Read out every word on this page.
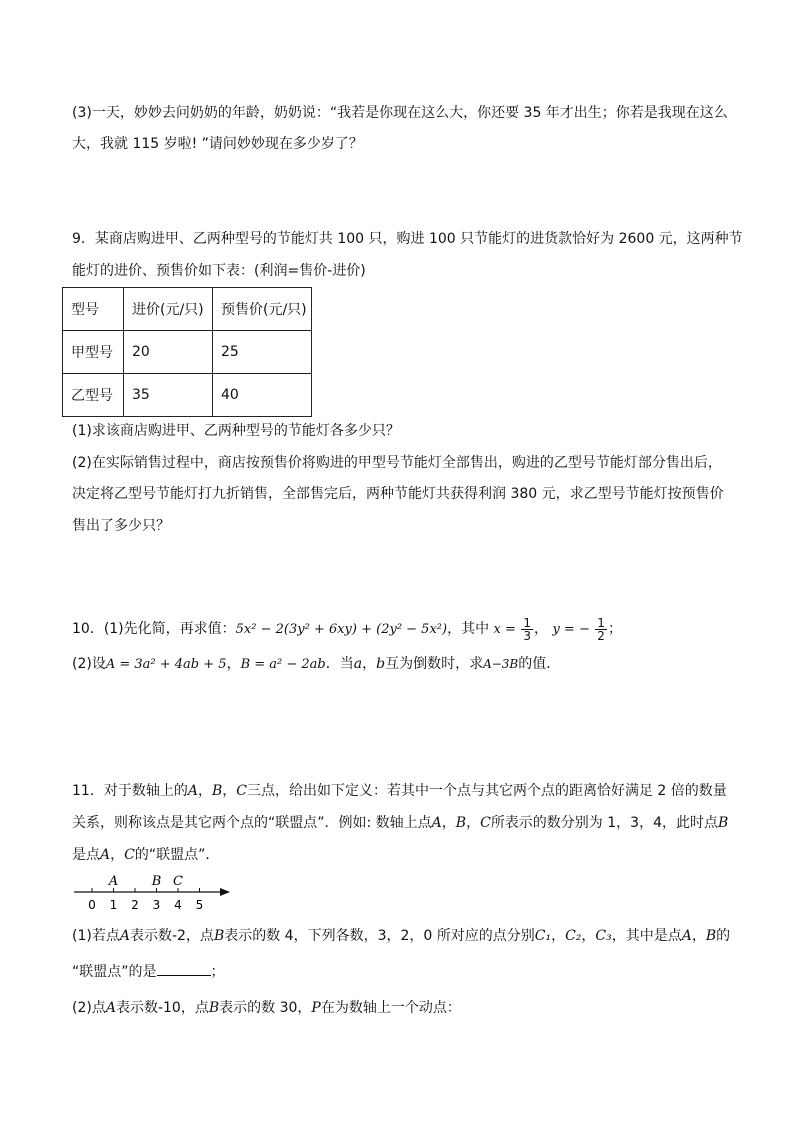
(3)一天，妙妙去问奶奶的年龄，奶奶说：“我若是你现在这么大，你还要 35 年才出生；你若是我现在这么
大，我就 115 岁啦! ”请问妙妙现在多少岁了？
9．某商店购进甲、乙两种型号的节能灯共 100 只，购进 100 只节能灯的进货款恰好为 2600 元，这两种节
能灯的进价、预售价如下表：(利润=售价-进价)
型号	进价(元/只)	预售价(元/只)
甲型号	20	25
乙型号	35	40
(1)求该商店购进甲、乙两种型号的节能灯各多少只？
(2)在实际销售过程中，商店按预售价将购进的甲型号节能灯全部售出，购进的乙型号节能灯部分售出后，
决定将乙型号节能灯打九折销售，全部售完后，两种节能灯共获得利润 380 元，求乙型号节能灯按预售价
售出了多少只？
10．(1)先化简，再求值：5x² − 2(3y² + 6xy) + (2y² − 5x²)，其中 $x = \frac{1}{3}$ ， y = − $\frac{1}{2}$ ；
(2)设A = 3a² + 4ab + 5，B = a² − 2ab．当a，b互为倒数时，求A−3B的值．
11．对于数轴上的A，B，C三点，给出如下定义：若其中一个点与其它两个点的距离恰好满足 2 倍的数量
关系，则称该点是其它两个点的“联盟点”．例如: 数轴上点A，B，C所表示的数分别为 1，3，4，此时点B
是点A，C的“联盟点”．
0 1 2 3 4 5
A	B C
(1)若点A表示数-2，点B表示的数 4，下列各数，3，2，0 所对应的点分别C₁，C₂，C₃，其中是点A，B的
“联盟点”的是	；
(2)点A表示数-10，点B表示的数 30，P在为数轴上一个动点：
